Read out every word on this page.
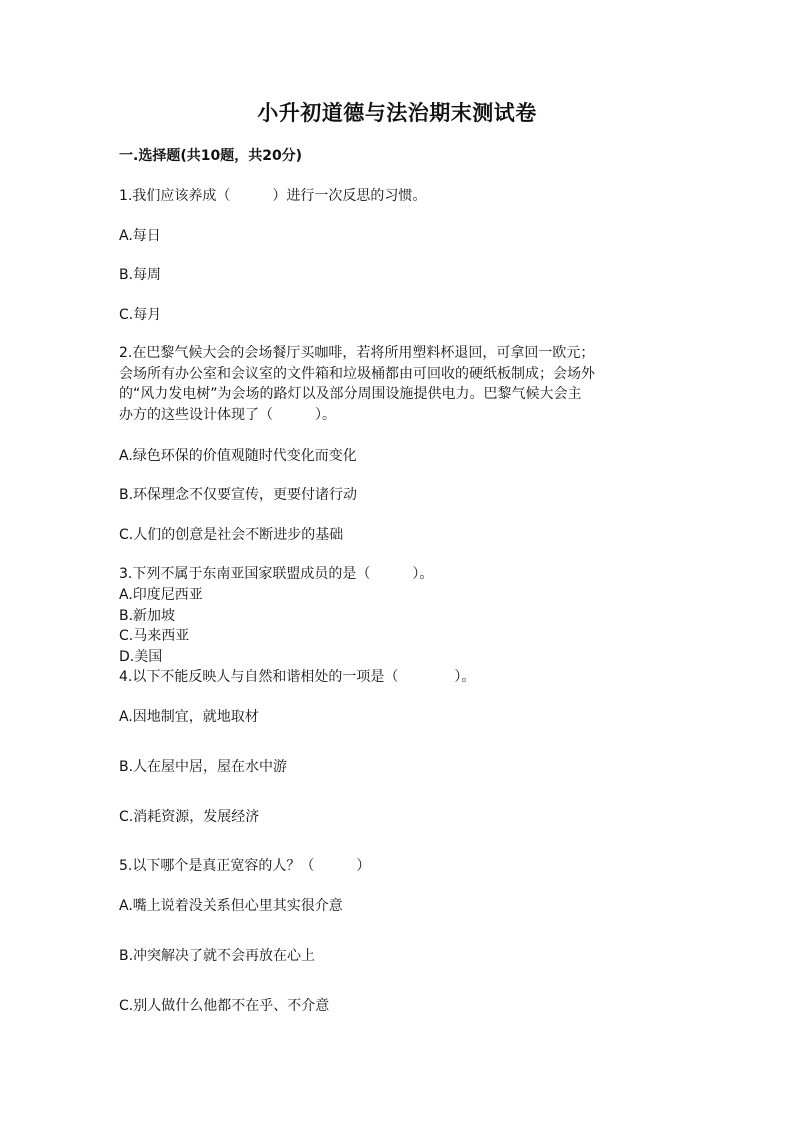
小升初道德与法治期末测试卷
一.选择题(共10题，共20分)
1.我们应该养成（　　　）进行一次反思的习惯。
A.每日
B.每周
C.每月
2.在巴黎气候大会的会场餐厅买咖啡，若将所用塑料杯退回，可拿回一欧元；
会场所有办公室和会议室的文件箱和垃圾桶都由可回收的硬纸板制成；会场外
的“风力发电树”为会场的路灯以及部分周围设施提供电力。巴黎气候大会主
办方的这些设计体现了（　　　）。
A.绿色环保的价值观随时代变化而变化
B.环保理念不仅要宣传，更要付诸行动
C.人们的创意是社会不断进步的基础
3.下列不属于东南亚国家联盟成员的是（　　　）。
A.印度尼西亚
B.新加坡
C.马来西亚
D.美国
4.以下不能反映人与自然和谐相处的一项是（　　　　）。
A.因地制宜，就地取材
B.人在屋中居，屋在水中游
C.消耗资源，发展经济
5.以下哪个是真正宽容的人？（　　　）
A.嘴上说着没关系但心里其实很介意
B.冲突解决了就不会再放在心上
C.别人做什么他都不在乎、不介意
